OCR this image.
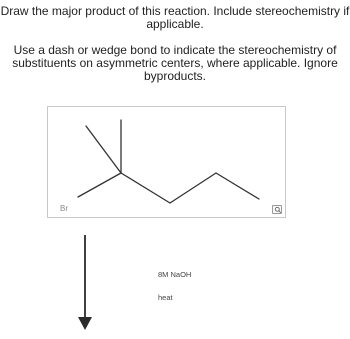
Draw the major product of this reaction. Include stereochemistry if applicable.

Use a dash or wedge bond to indicate the stereochemistry of substituents on asymmetric centers, where applicable. Ignore byproducts.

Br
8M NaOH
heat
